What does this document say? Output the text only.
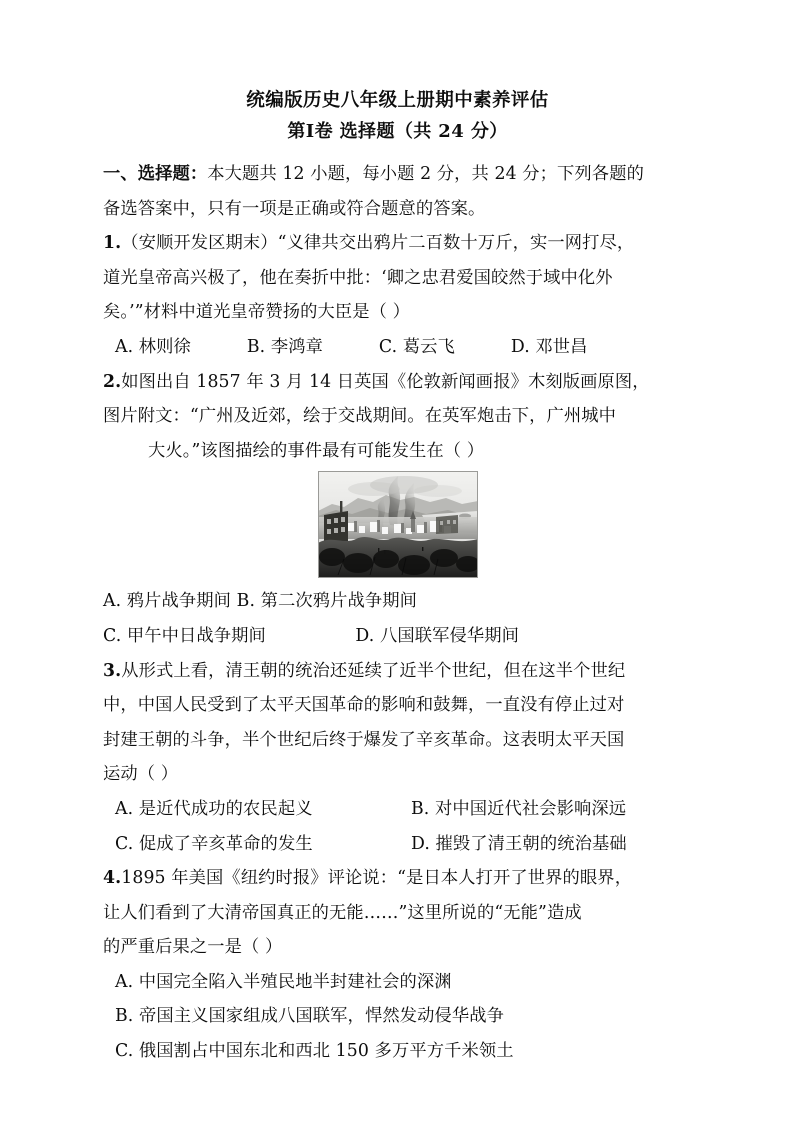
统编版历史八年级上册期中素养评估
第Ⅰ卷 选择题（共 24 分）

一、选择题：本大题共 12 小题，每小题 2 分，共 24 分；下列各题的

备选答案中，只有一项是正确或符合题意的答案。

1.（安顺开发区期末）“义律共交出鸦片二百数十万斤，实一网打尽，

道光皇帝高兴极了，他在奏折中批：‘卿之忠君爱国皎然于域中化外

矣。’”材料中道光皇帝赞扬的大臣是（ ）

A. 林则徐          B. 李鸿章          C. 葛云飞          D. 邓世昌

2.如图出自 1857 年 3 月 14 日英国《伦敦新闻画报》木刻版画原图，

图片附文：“广州及近郊，绘于交战期间。在英军炮击下，广州城中

大火。”该图描绘的事件最有可能发生在（ ）

A. 鸦片战争期间 B. 第二次鸦片战争期间

C. 甲午中日战争期间                D. 八国联军侵华期间

3.从形式上看，清王朝的统治还延续了近半个世纪，但在这半个世纪

中，中国人民受到了太平天国革命的影响和鼓舞，一直没有停止过对

封建王朝的斗争，半个世纪后终于爆发了辛亥革命。这表明太平天国

运动（ ）

A. 是近代成功的农民起义	B. 对中国近代社会影响深远
C. 促成了辛亥革命的发生	D. 摧毁了清王朝的统治基础

4.1895 年美国《纽约时报》评论说：“是日本人打开了世界的眼界，

让人们看到了大清帝国真正的无能……”这里所说的“无能”造成

的严重后果之一是（ ）

A. 中国完全陷入半殖民地半封建社会的深渊
B. 帝国主义国家组成八国联军，悍然发动侵华战争
C. 俄国割占中国东北和西北 150 多万平方千米领土
